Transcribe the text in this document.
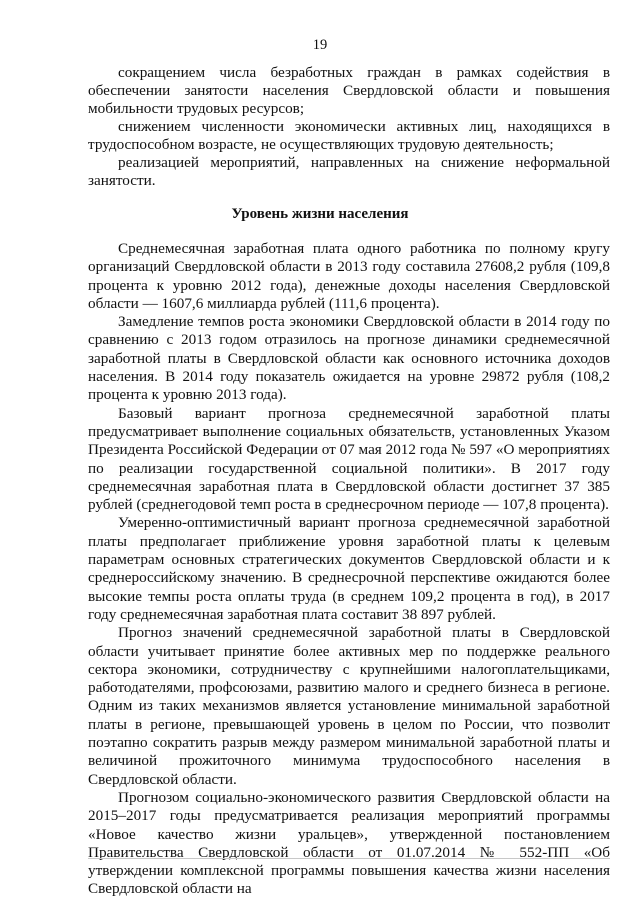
19

сокращением числа безработных граждан в рамках содействия в обеспечении занятости населения Свердловской области и повышения мобильности трудовых ресурсов;

снижением численности экономически активных лиц, находящихся в трудоспособном возрасте, не осуществляющих трудовую деятельность;

реализацией мероприятий, направленных на снижение неформальной занятости.

Уровень жизни населения

Среднемесячная заработная плата одного работника по полному кругу организаций Свердловской области в 2013 году составила 27608,2 рубля (109,8 процента к уровню 2012 года), денежные доходы населения Свердловской области — 1607,6 миллиарда рублей (111,6 процента).

Замедление темпов роста экономики Свердловской области в 2014 году по сравнению с 2013 годом отразилось на прогнозе динамики среднемесячной заработной платы в Свердловской области как основного источника доходов населения. В 2014 году показатель ожидается на уровне 29872 рубля (108,2 процента к уровню 2013 года).

Базовый вариант прогноза среднемесячной заработной платы предусматривает выполнение социальных обязательств, установленных Указом Президента Российской Федерации от 07 мая 2012 года № 597 «О мероприятиях по реализации государственной социальной политики». В 2017 году среднемесячная заработная плата в Свердловской области достигнет 37 385 рублей (среднегодовой темп роста в среднесрочном периоде — 107,8 процента).

Умеренно-оптимистичный вариант прогноза среднемесячной заработной платы предполагает приближение уровня заработной платы к целевым параметрам основных стратегических документов Свердловской области и к среднероссийскому значению. В среднесрочной перспективе ожидаются более высокие темпы роста оплаты труда (в среднем 109,2 процента в год), в 2017 году среднемесячная заработная плата составит 38 897 рублей.

Прогноз значений среднемесячной заработной платы в Свердловской области учитывает принятие более активных мер по поддержке реального сектора экономики, сотрудничеству с крупнейшими налогоплательщиками, работодателями, профсоюзами, развитию малого и среднего бизнеса в регионе. Одним из таких механизмов является установление минимальной заработной платы в регионе, превышающей уровень в целом по России, что позволит поэтапно сократить разрыв между размером минимальной заработной платы и величиной прожиточного минимума трудоспособного населения в Свердловской области.

Прогнозом социально-экономического развития Свердловской области на 2015–2017 годы предусматривается реализация мероприятий программы «Новое качество жизни уральцев», утвержденной постановлением Правительства Свердловской области от 01.07.2014 № 552-ПП «Об утверждении комплексной программы повышения качества жизни населения Свердловской области на
